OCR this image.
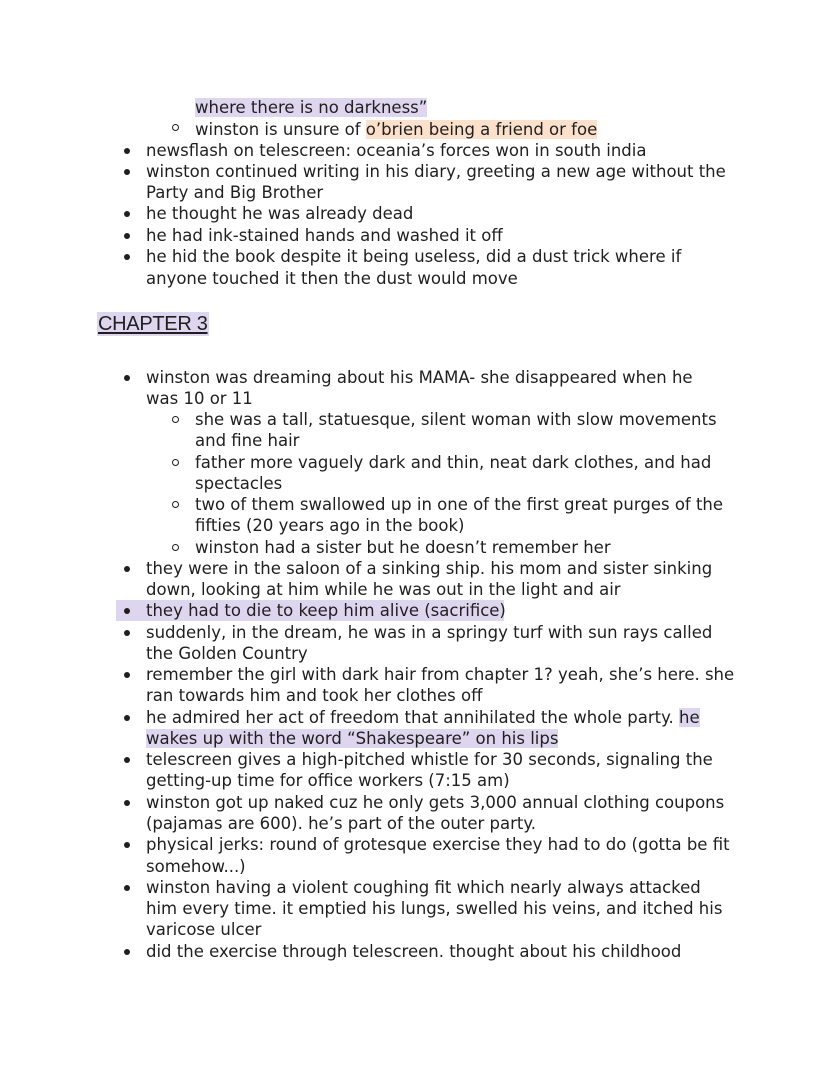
where there is no darkness”
winston is unsure of o’brien being a friend or foe
newsflash on telescreen: oceania’s forces won in south india
winston continued writing in his diary, greeting a new age without the
Party and Big Brother
he thought he was already dead
he had ink-stained hands and washed it off
he hid the book despite it being useless, did a dust trick where if
anyone touched it then the dust would move
CHAPTER 3
winston was dreaming about his MAMA- she disappeared when he
was 10 or 11
she was a tall, statuesque, silent woman with slow movements
and fine hair
father more vaguely dark and thin, neat dark clothes, and had
spectacles
two of them swallowed up in one of the first great purges of the
fifties (20 years ago in the book)
winston had a sister but he doesn’t remember her
they were in the saloon of a sinking ship. his mom and sister sinking
down, looking at him while he was out in the light and air
they had to die to keep him alive (sacrifice)
suddenly, in the dream, he was in a springy turf with sun rays called
the Golden Country
remember the girl with dark hair from chapter 1? yeah, she’s here. she
ran towards him and took her clothes off
he admired her act of freedom that annihilated the whole party. he
wakes up with the word “Shakespeare” on his lips
telescreen gives a high-pitched whistle for 30 seconds, signaling the
getting-up time for office workers (7:15 am)
winston got up naked cuz he only gets 3,000 annual clothing coupons
(pajamas are 600). he’s part of the outer party.
physical jerks: round of grotesque exercise they had to do (gotta be fit
somehow...)
winston having a violent coughing fit which nearly always attacked
him every time. it emptied his lungs, swelled his veins, and itched his
varicose ulcer
did the exercise through telescreen. thought about his childhood
